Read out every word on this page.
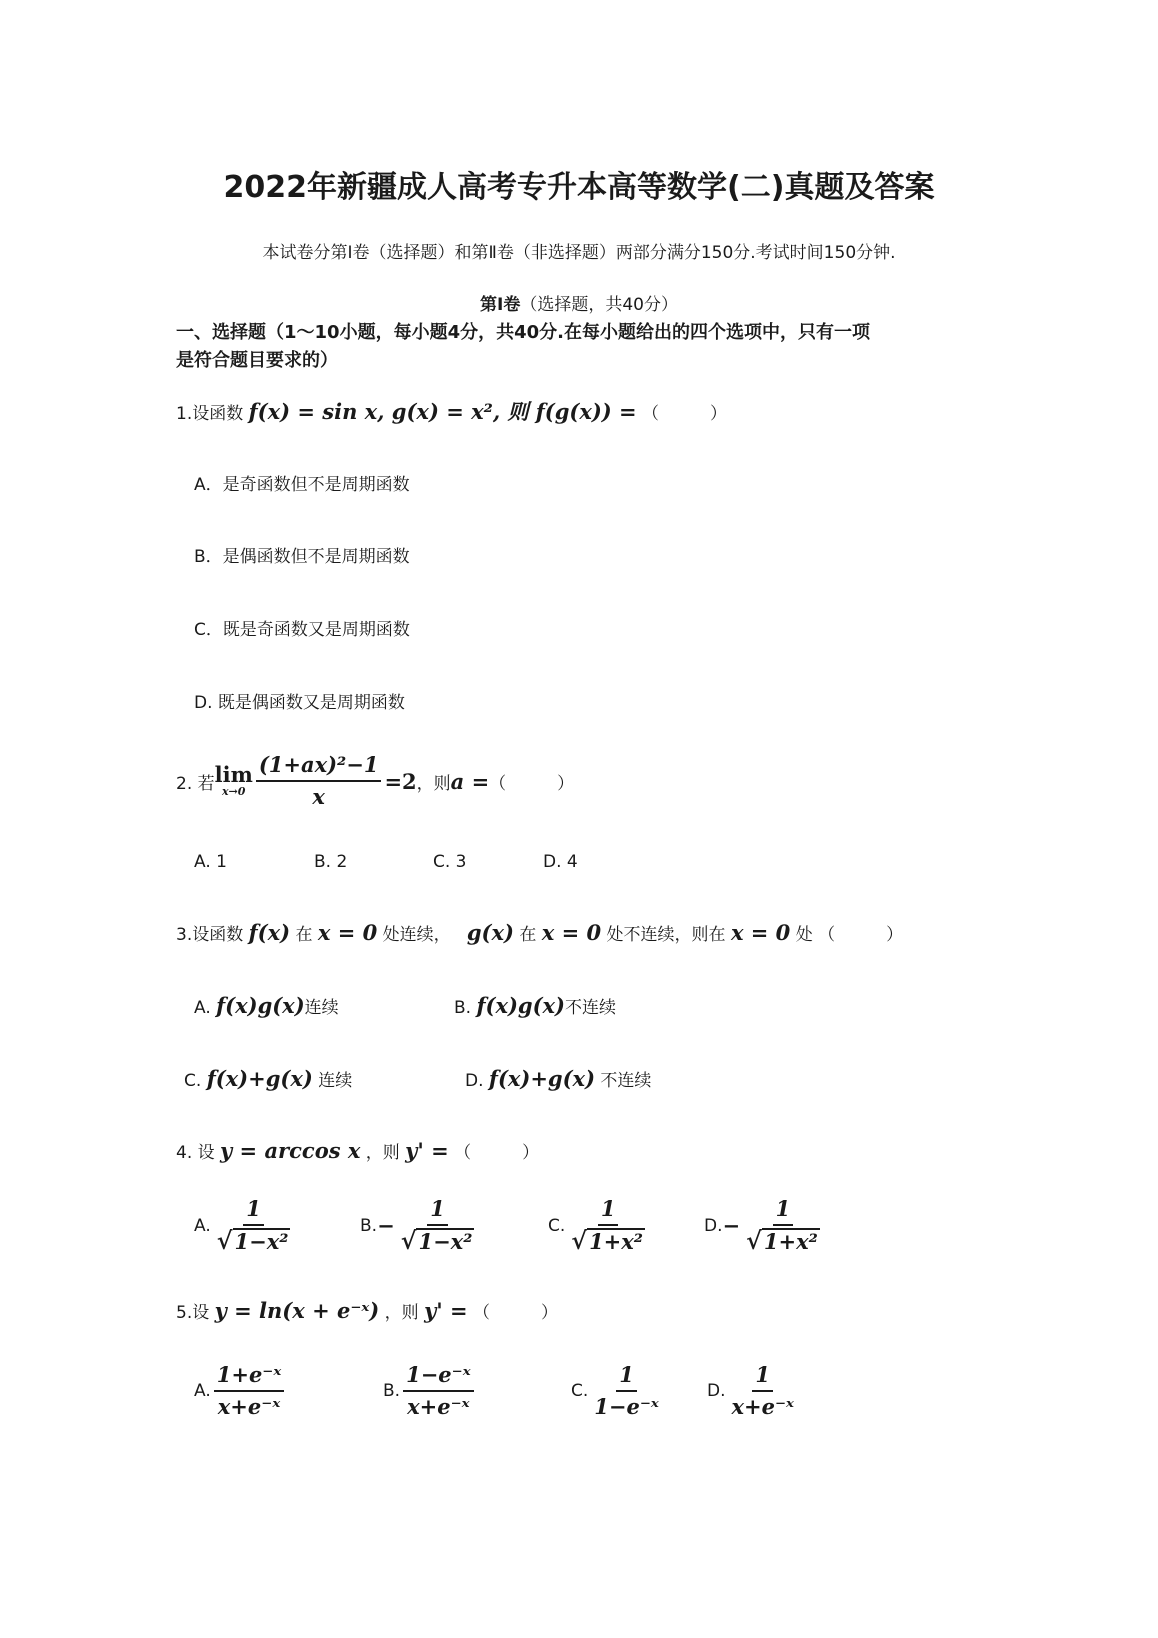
2022年新疆成人高考专升本高等数学(二)真题及答案
本试卷分第Ⅰ卷（选择题）和第Ⅱ卷（非选择题）两部分满分150分.考试时间150分钟.
第Ⅰ卷（选择题，共40分）
一、选择题（1～10小题，每小题4分，共40分.在每小题给出的四个选项中，只有一项
是符合题目要求的）
1.设函数 f(x) = sin x, g(x) = x², 则 f(g(x)) = （　　　）
A．是奇函数但不是周期函数
B．是偶函数但不是周期函数
C．既是奇函数又是周期函数
D. 既是偶函数又是周期函数
2. 若 lim
$x\to 0 \frac{\text{(1+ax)²−1}}{x} =2$ ，则 a = （　　　）
A. 1	B. 2	C. 3	D. 4
3.设函数 f(x) 在 x = 0 处连续， g(x) 在 x = 0 处不连续，则在 x = 0 处 （　　　）
A. f(x)g(x)连续	B. f(x)g(x)不连续
C. f(x)+g(x) 连续	D. f(x)+g(x) 不连续
4. 设 y = arccos x ，则 y' = （　　　）
A. $\frac{1}{\text{√ 1−x²}}$	B. − $\frac{1}{\text{√ 1−x²}}$	C. $\frac{1}{\text{√ 1+x²}}$	D. − $\frac{1}{\text{√ 1+x²}}$
5.设 y = ln(x + e⁻ˣ) ，则 y' = （　　　）
A. $\frac{\text{1+e⁻ˣ}}{\text{x+e⁻ˣ}}$	B. $\frac{\text{1−e⁻ˣ}}{\text{x+e⁻ˣ}}$	C. $\frac{1}{\text{1−e⁻ˣ}}$	D. $\frac{1}{\text{x+e⁻ˣ}}$
